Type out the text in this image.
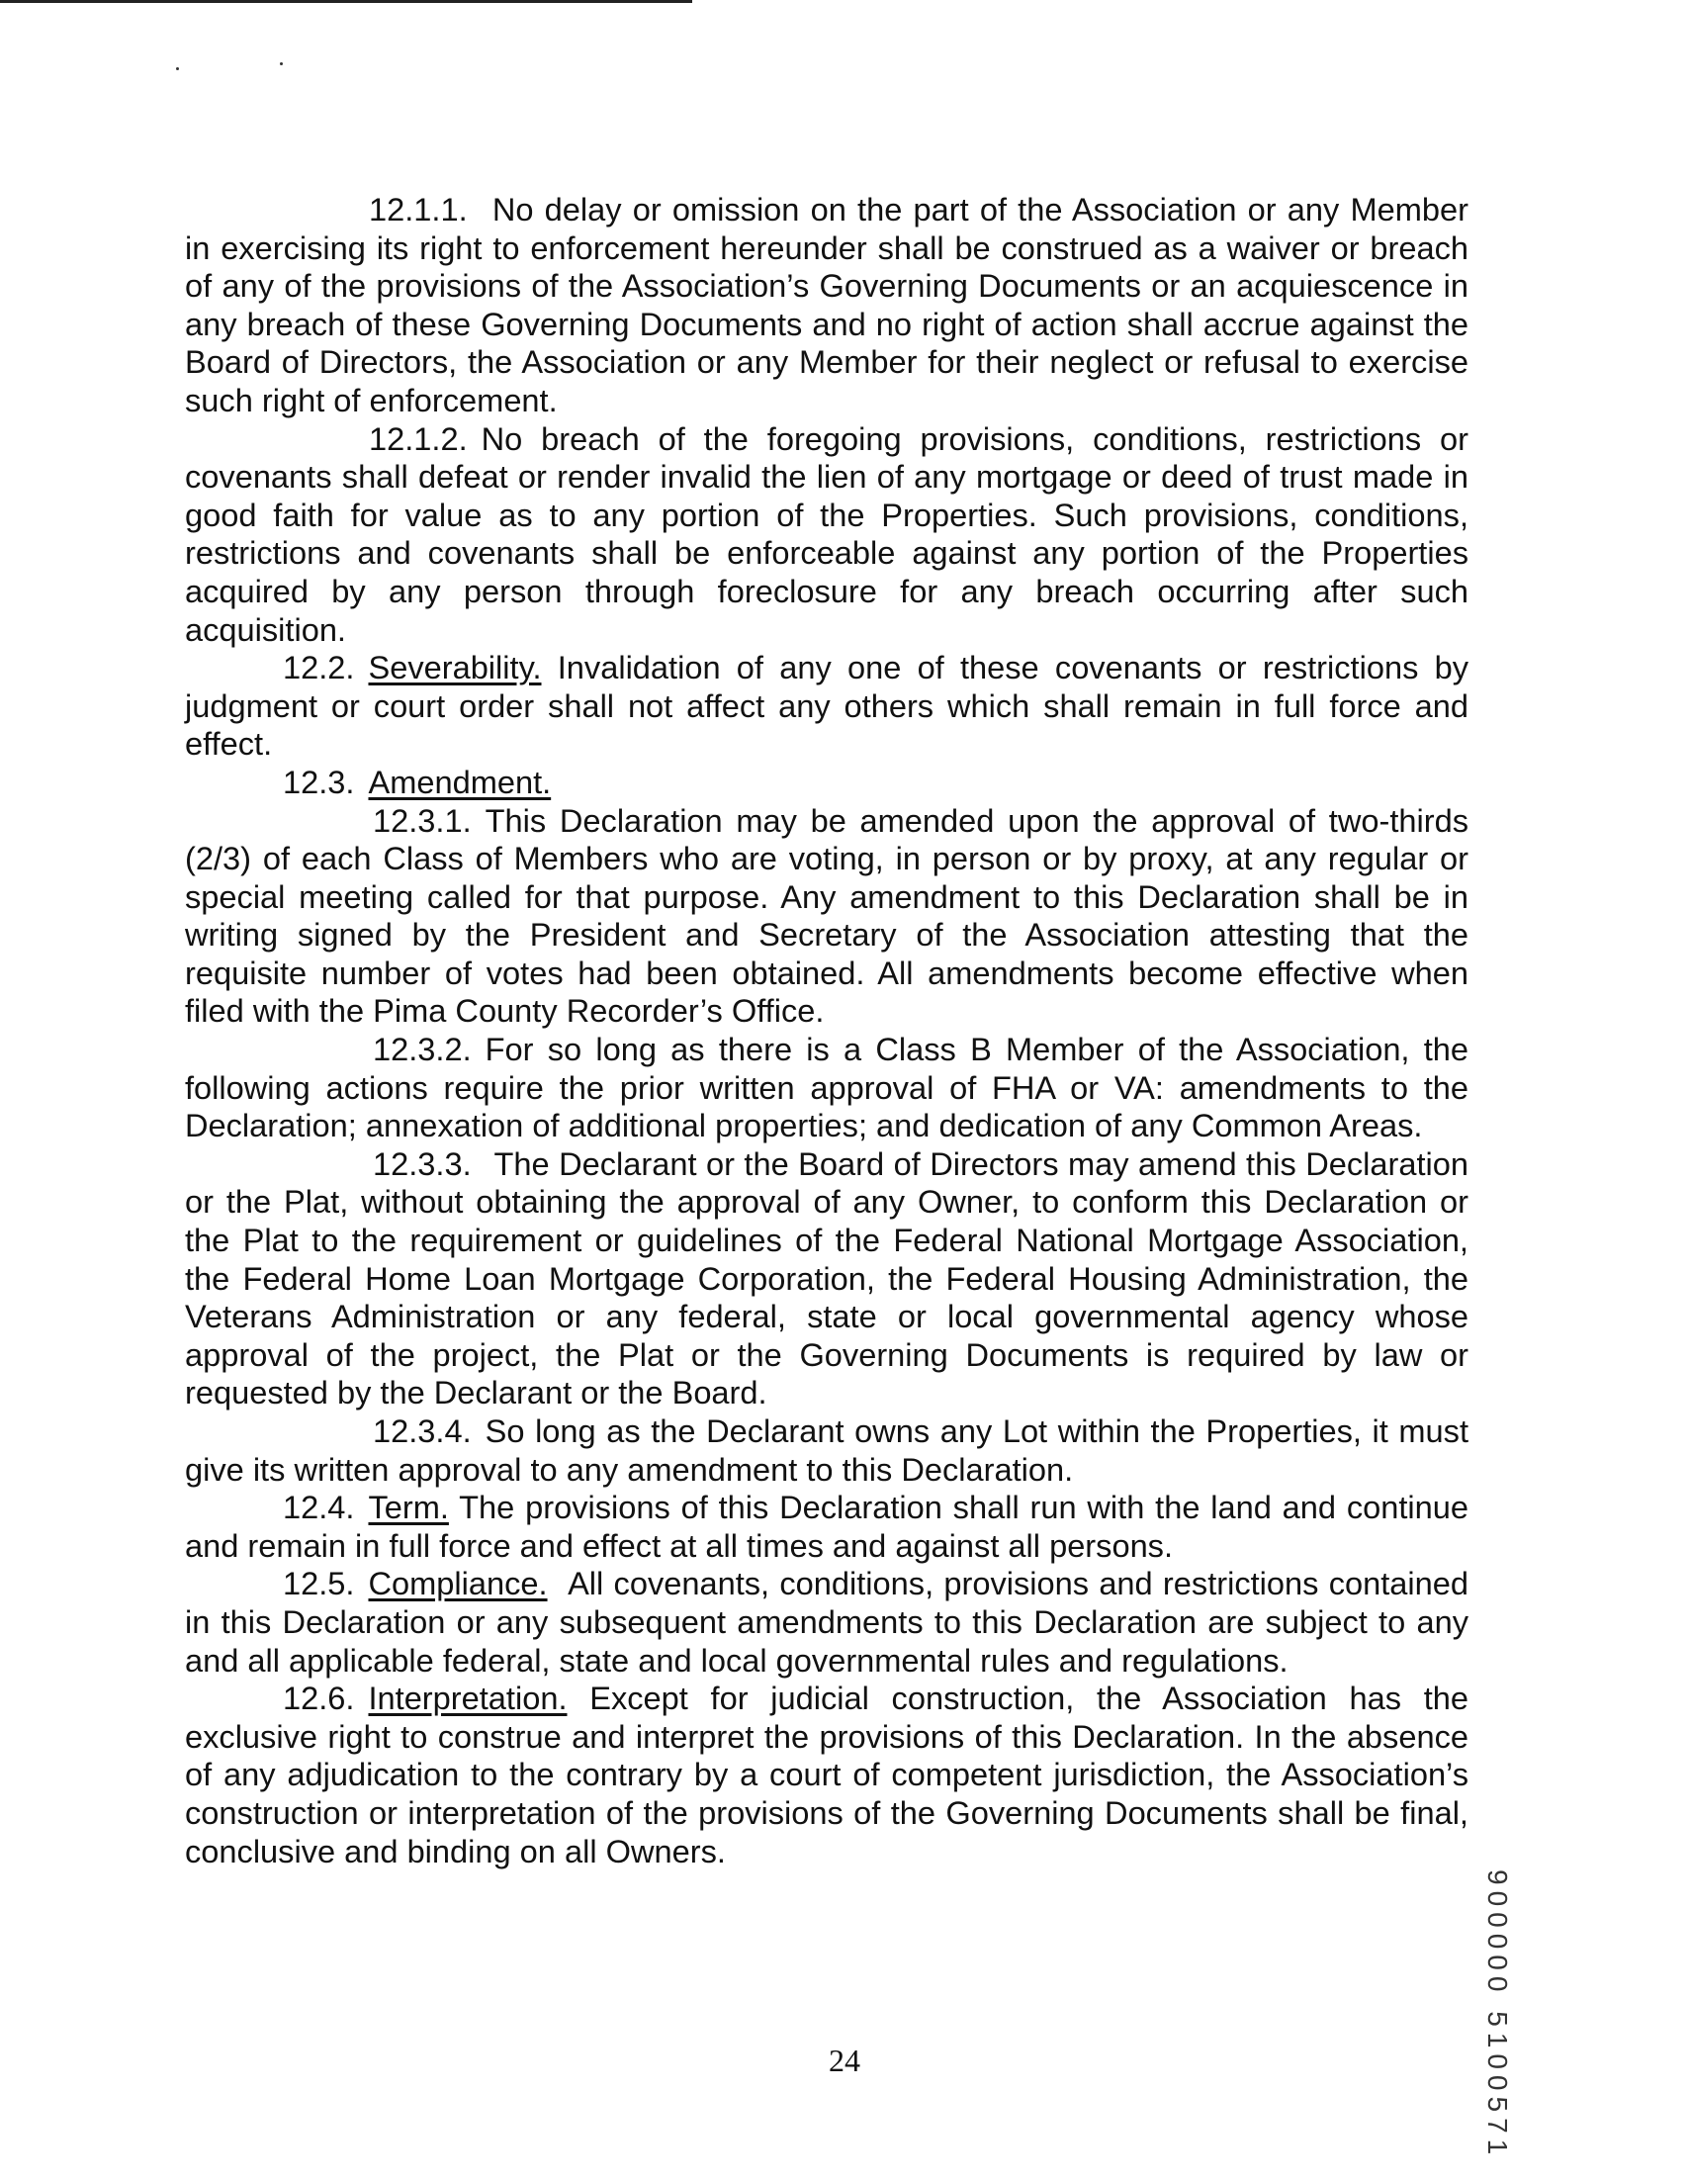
12.1.1. No delay or omission on the part of the Association or any Member in exercising its right to enforcement hereunder shall be construed as a waiver or breach of any of the provisions of the Association’s Governing Documents or an acquiescence in any breach of these Governing Documents and no right of action shall accrue against the Board of Directors, the Association or any Member for their neglect or refusal to exercise such right of enforcement.

12.1.2. No breach of the foregoing provisions, conditions, restrictions or covenants shall defeat or render invalid the lien of any mortgage or deed of trust made in good faith for value as to any portion of the Properties. Such provisions, conditions, restrictions and covenants shall be enforceable against any portion of the Properties acquired by any person through foreclosure for any breach occurring after such acquisition.

12.2. Severability. Invalidation of any one of these covenants or restrictions by judgment or court order shall not affect any others which shall remain in full force and effect.

12.3. Amendment.

12.3.1. This Declaration may be amended upon the approval of two-thirds (2/3) of each Class of Members who are voting, in person or by proxy, at any regular or special meeting called for that purpose. Any amendment to this Declaration shall be in writing signed by the President and Secretary of the Association attesting that the requisite number of votes had been obtained. All amendments become effective when filed with the Pima County Recorder’s Office.

12.3.2. For so long as there is a Class B Member of the Association, the following actions require the prior written approval of FHA or VA: amendments to the Declaration; annexation of additional properties; and dedication of any Common Areas.

12.3.3. The Declarant or the Board of Directors may amend this Declaration or the Plat, without obtaining the approval of any Owner, to conform this Declaration or the Plat to the requirement or guidelines of the Federal National Mortgage Association, the Federal Home Loan Mortgage Corporation, the Federal Housing Administration, the Veterans Administration or any federal, state or local governmental agency whose approval of the project, the Plat or the Governing Documents is required by law or requested by the Declarant or the Board.

12.3.4. So long as the Declarant owns any Lot within the Properties, it must give its written approval to any amendment to this Declaration.

12.4. Term. The provisions of this Declaration shall run with the land and continue and remain in full force and effect at all times and against all persons.

12.5. Compliance. All covenants, conditions, provisions and restrictions contained in this Declaration or any subsequent amendments to this Declaration are subject to any and all applicable federal, state and local governmental rules and regulations.

12.6. Interpretation. Except for judicial construction, the Association has the exclusive right to construe and interpret the provisions of this Declaration. In the absence of any adjudication to the contrary by a court of competent jurisdiction, the Association’s construction or interpretation of the provisions of the Governing Documents shall be final, conclusive and binding on all Owners.

24	900000 5100571
